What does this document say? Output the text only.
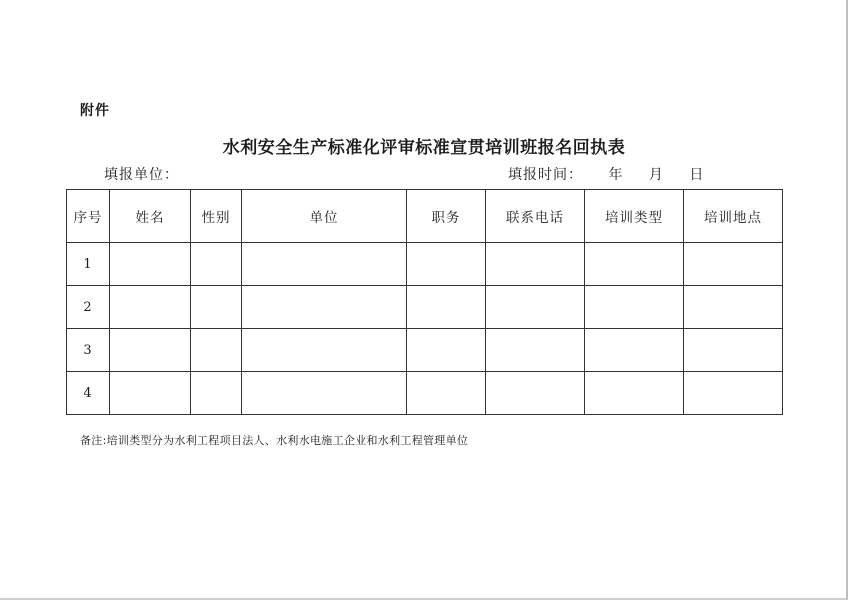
附件
水利安全生产标准化评审标准宣贯培训班报名回执表
填报单位：	填报时间： 年 月 日
序号	姓名	性别	单位	职务	联系电话	培训类型	培训地点
1							
2							
3							
4							
备注:培训类型分为水利工程项目法人、水利水电施工企业和水利工程管理单位
